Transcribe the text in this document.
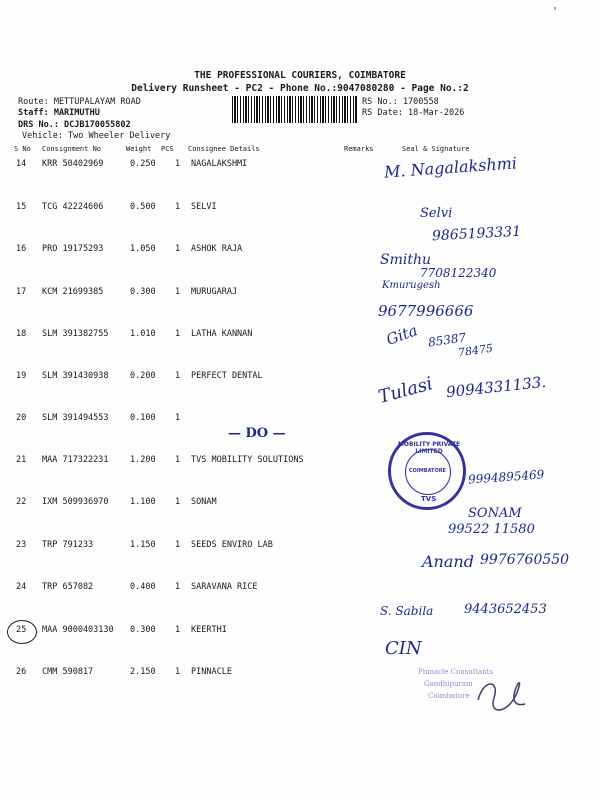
'
THE PROFESSIONAL COURIERS, COIMBATORE
Delivery Runsheet - PC2 - Phone No.:9047080280 - Page No.:2
Route: METTUPALAYAM ROAD
Staff: MARIMUTHU
DRS No.: DCJB170055802
Vehicle: Two Wheeler Delivery
RS No.: 1700558
RS Date: 18-Mar-2026
S No Consignment No	Weight PCS Consignee Details	Remarks	Seal & Signature
14 KRR 50402969	0.250 1 NAGALAKSHMI
15 TCG 42224606	0.500 1 SELVI
16 PRO 19175293	1.050 1 ASHOK RAJA
17 KCM 21699385	0.300 1 MURUGARAJ
18 SLM 391382755	1.010 1 LATHA KANNAN
19 SLM 391430938	0.200 1 PERFECT DENTAL
20 SLM 391494553	0.100 1
21 MAA 717322231	1.200 1 TVS MOBILITY SOLUTIONS
22 IXM 509936970	1.100 1 SONAM
23 TRP 791233	1.150 1 SEEDS ENVIRO LAB
24 TRP 657082	0.400 1 SARAVANA RICE
25 MAA 9000403130 0.300 1 KEERTHI
26 CMM 590817	2.150 1 PINNACLE
M. Nagalakshmi
Selvi
9865193331
Smithu
7708122340
Kmurugesh
9677996666
Gita 85387
78475
Tulasi 9094331133.
— DO —
MOBILITY PRIVATE LIMITED
COIMBATORE
TVS
9994895469
SONAM
99522 11580
Anand 9976760550
S. Sabila 9443652453
CIN
Pinnacle Consultants
Gandhipuram
Coimbatore
